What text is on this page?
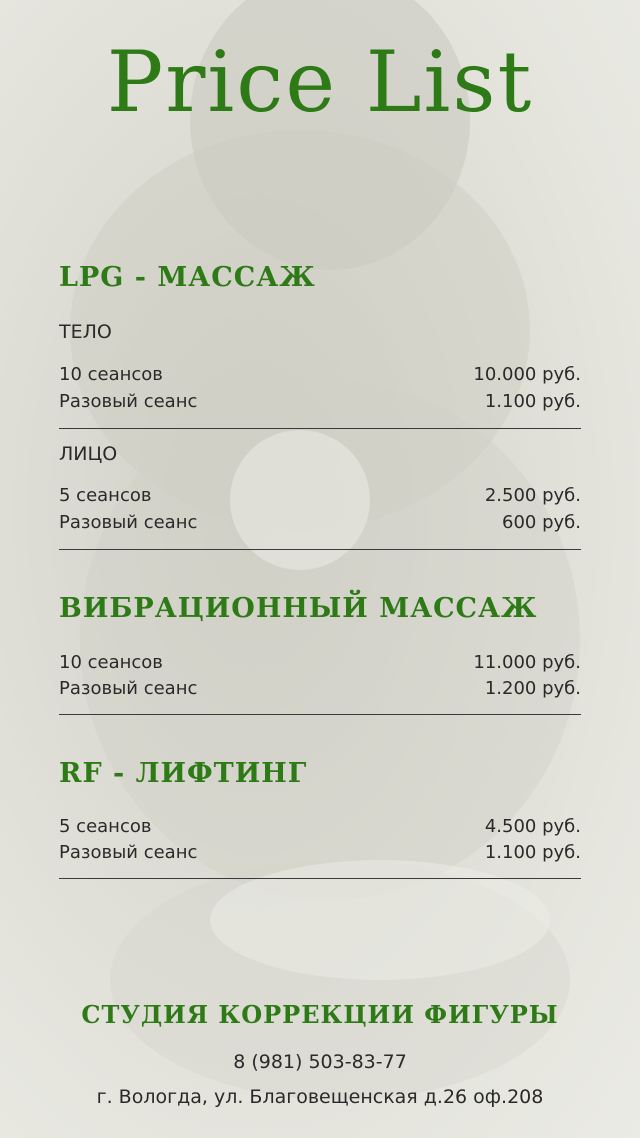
Price List
LPG - МАССАЖ
ТЕЛО
10 сеансов	10.000 руб.
Разовый сеанс	1.100 руб.
ЛИЦО
5 сеансов	2.500 руб.
Разовый сеанс	600 руб.
ВИБРАЦИОННЫЙ МАССАЖ
10 сеансов	11.000 руб.
Разовый сеанс	1.200 руб.
RF - ЛИФТИНГ
5 сеансов	4.500 руб.
Разовый сеанс	1.100 руб.
СТУДИЯ КОРРЕКЦИИ ФИГУРЫ
8 (981) 503-83-77
г. Вологда, ул. Благовещенская д.26 оф.208
